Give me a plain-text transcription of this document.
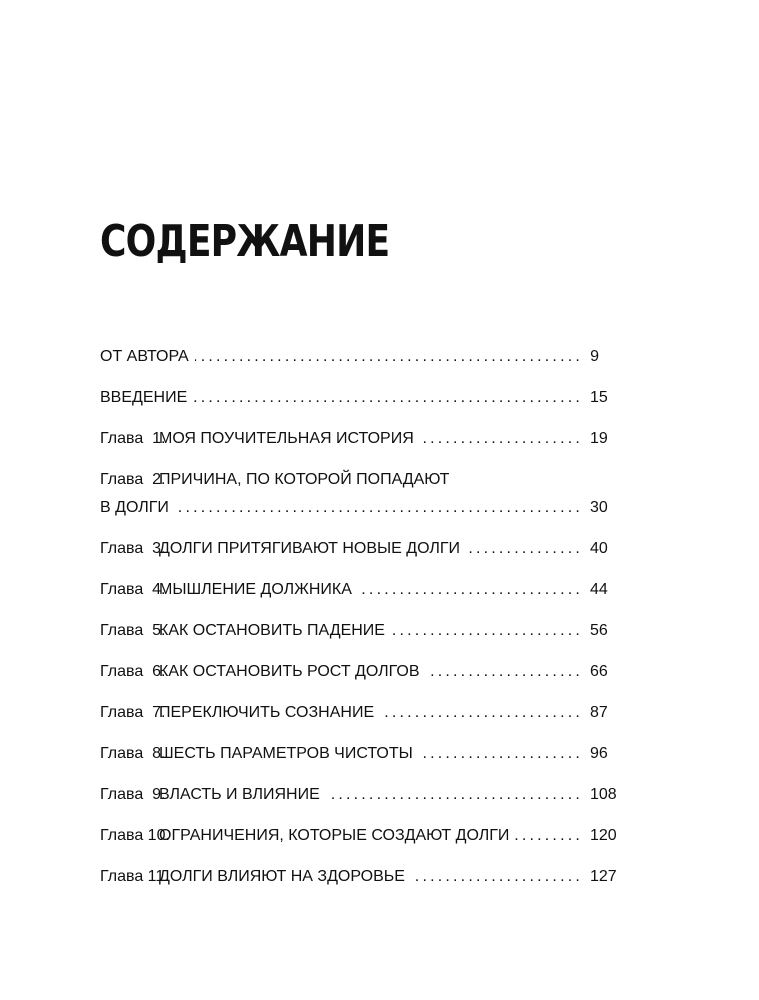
СОДЕРЖАНИЕ
ОТ АВТОРА .....	9
ВВЕДЕНИЕ .....	15
Глава  1.МОЯ ПОУЧИТЕЛЬНАЯ ИСТОРИЯ .....	19
Глава  2.ПРИЧИНА, ПО КОТОРОЙ ПОПАДАЮТ
В ДОЛГИ .....	30
Глава  3.ДОЛГИ ПРИТЯГИВАЮТ НОВЫЕ ДОЛГИ .....	40
Глава  4.МЫШЛЕНИЕ ДОЛЖНИКА .....	44
Глава  5.КАК ОСТАНОВИТЬ ПАДЕНИЕ .....	56
Глава  6.КАК ОСТАНОВИТЬ РОСТ ДОЛГОВ .....	66
Глава  7.ПЕРЕКЛЮЧИТЬ СОЗНАНИЕ .....	87
Глава  8.ШЕСТЬ ПАРАМЕТРОВ ЧИСТОТЫ .....	96
Глава  9.ВЛАСТЬ И ВЛИЯНИЕ .....	108
Глава 10.ОГРАНИЧЕНИЯ, КОТОРЫЕ СОЗДАЮТ ДОЛГИ .....	120
Глава 11.ДОЛГИ ВЛИЯЮТ НА ЗДОРОВЬЕ .....	127
